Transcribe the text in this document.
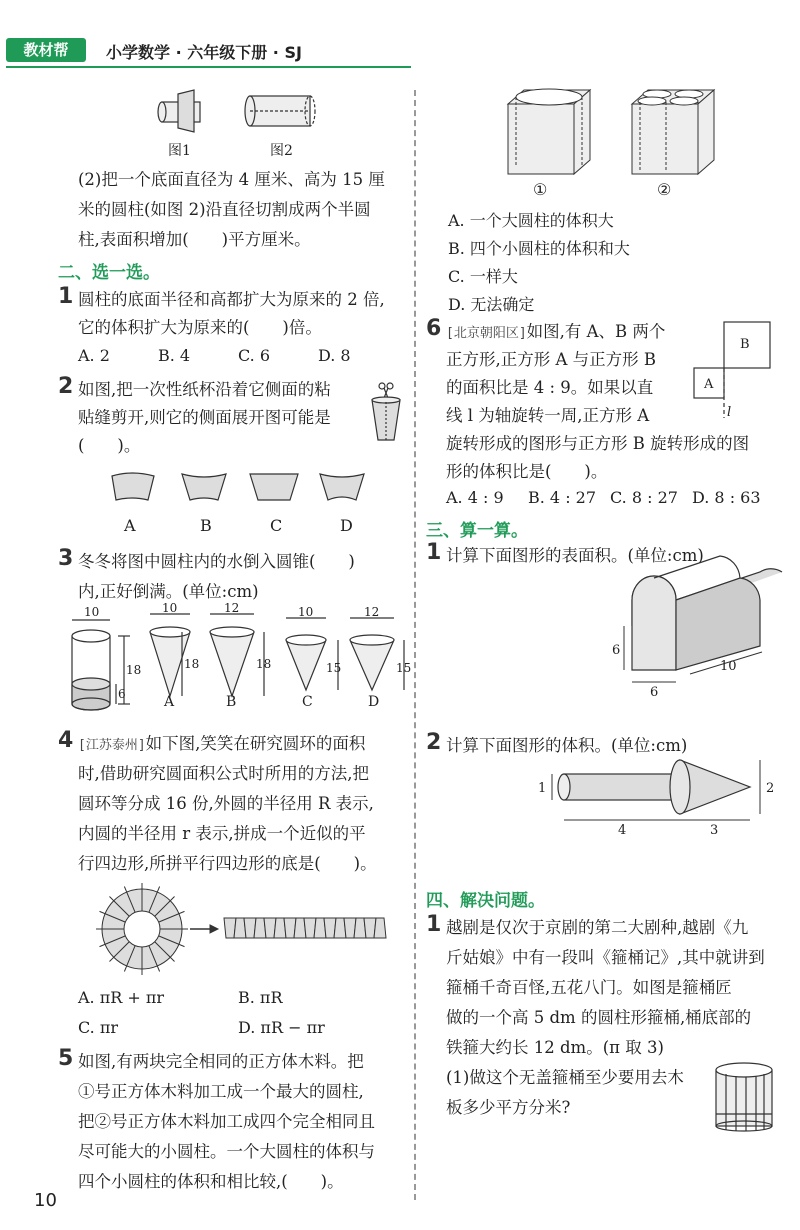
教材帮	小学数学 · 六年级下册 · SJ
图1	图2
(2)把一个底面直径为 4 厘米、高为 15 厘
米的圆柱(如图 2)沿直径切割成两个半圆
柱,表面积增加(　　)平方厘米。
二、选一选。
1 圆柱的底面半径和高都扩大为原来的 2 倍,
它的体积扩大为原来的(　　)倍。
A. 2	B. 4	C. 6	D. 8
2 如图,把一次性纸杯沿着它侧面的粘
贴缝剪开,则它的侧面展开图可能是
(　　)。
A	B	C	D
3 冬冬将图中圆柱内的水倒入圆锥(　　)
内,正好倒满。(单位:cm)
10
18
6
10
18
12
18
10
15
12
15
A	B	C	D
4 [江苏泰州]如下图,笑笑在研究圆环的面积
时,借助研究圆面积公式时所用的方法,把
圆环等分成 16 份,外圆的半径用 R 表示,
内圆的半径用 r 表示,拼成一个近似的平
行四边形,所拼平行四边形的底是(　　)。
A. πR + πr	B. πR
C. πr	D. πR − πr
5 如图,有两块完全相同的正方体木料。把
①号正方体木料加工成一个最大的圆柱,
把②号正方体木料加工成四个完全相同且
尽可能大的小圆柱。一个大圆柱的体积与
四个小圆柱的体积和相比较,(　　)。
10
①	②
A. 一个大圆柱的体积大
B. 四个小圆柱的体积和大
C. 一样大
D. 无法确定
6 [北京朝阳区]如图,有 A、B 两个
正方形,正方形 A 与正方形 B
的面积比是 4 : 9。如果以直
线 l 为轴旋转一周,正方形 A
旋转形成的图形与正方形 B 旋转形成的图
形的体积比是(　　)。
B
A
l
A. 4 : 9 B. 4 : 27 C. 8 : 27 D. 8 : 63
三、算一算。
1 计算下面图形的表面积。(单位:cm)
6
6
10
2 计算下面图形的体积。(单位:cm)
1	2
4	3
四、解决问题。
1 越剧是仅次于京剧的第二大剧种,越剧《九
斤姑娘》中有一段叫《箍桶记》,其中就讲到
箍桶千奇百怪,五花八门。如图是箍桶匠
做的一个高 5 dm 的圆柱形箍桶,桶底部的
铁箍大约长 12 dm。(π 取 3)
(1)做这个无盖箍桶至少要用去木
板多少平方分米?
